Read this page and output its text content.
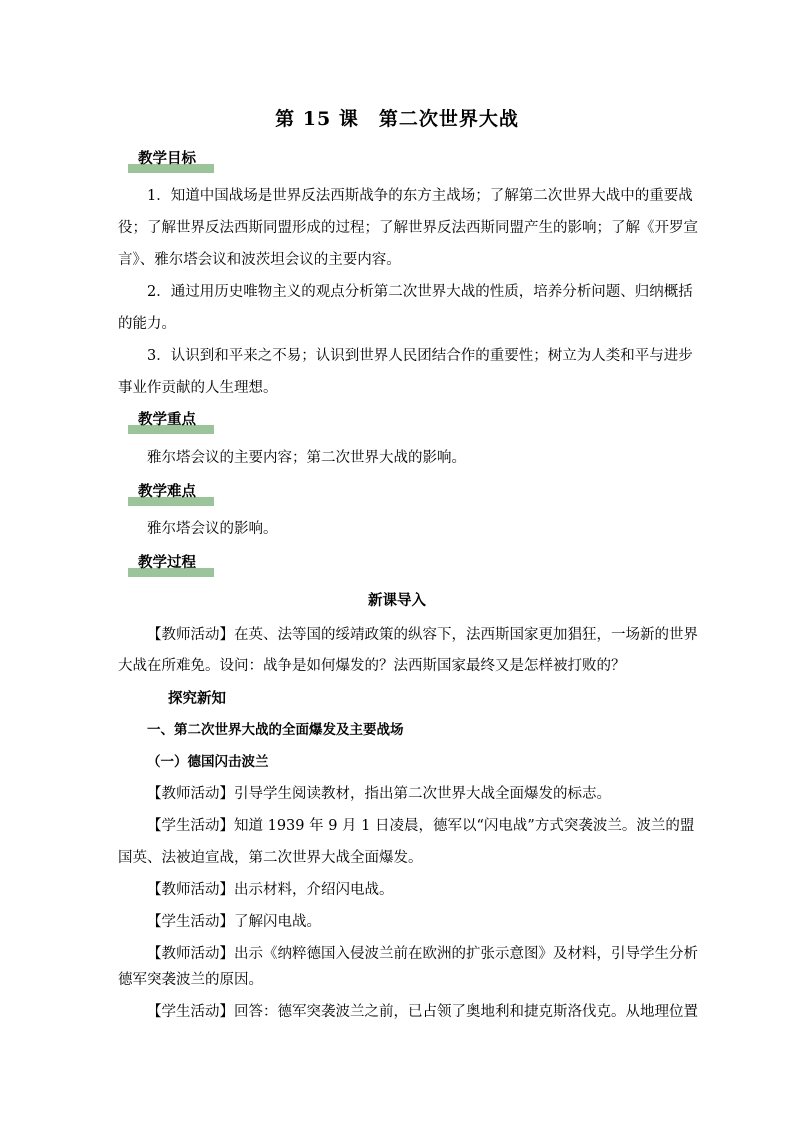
第 15 课　第二次世界大战
教学目标
1．知道中国战场是世界反法西斯战争的东方主战场；了解第二次世界大战中的重要战
役；了解世界反法西斯同盟形成的过程；了解世界反法西斯同盟产生的影响；了解《开罗宣
言》、雅尔塔会议和波茨坦会议的主要内容。
2．通过用历史唯物主义的观点分析第二次世界大战的性质，培养分析问题、归纳概括
的能力。
3．认识到和平来之不易；认识到世界人民团结合作的重要性；树立为人类和平与进步
事业作贡献的人生理想。
教学重点
雅尔塔会议的主要内容；第二次世界大战的影响。
教学难点
雅尔塔会议的影响。
教学过程
新课导入
【教师活动】在英、法等国的绥靖政策的纵容下，法西斯国家更加猖狂，一场新的世界
大战在所难免。设问：战争是如何爆发的？法西斯国家最终又是怎样被打败的？
探究新知
一、第二次世界大战的全面爆发及主要战场
（一）德国闪击波兰
【教师活动】引导学生阅读教材，指出第二次世界大战全面爆发的标志。
【学生活动】知道 1939 年 9 月 1 日凌晨，德军以“闪电战”方式突袭波兰。波兰的盟
国英、法被迫宣战，第二次世界大战全面爆发。
【教师活动】出示材料，介绍闪电战。
【学生活动】了解闪电战。
【教师活动】出示《纳粹德国入侵波兰前在欧洲的扩张示意图》及材料，引导学生分析
德军突袭波兰的原因。
【学生活动】回答：德军突袭波兰之前，已占领了奥地利和捷克斯洛伐克。从地理位置
